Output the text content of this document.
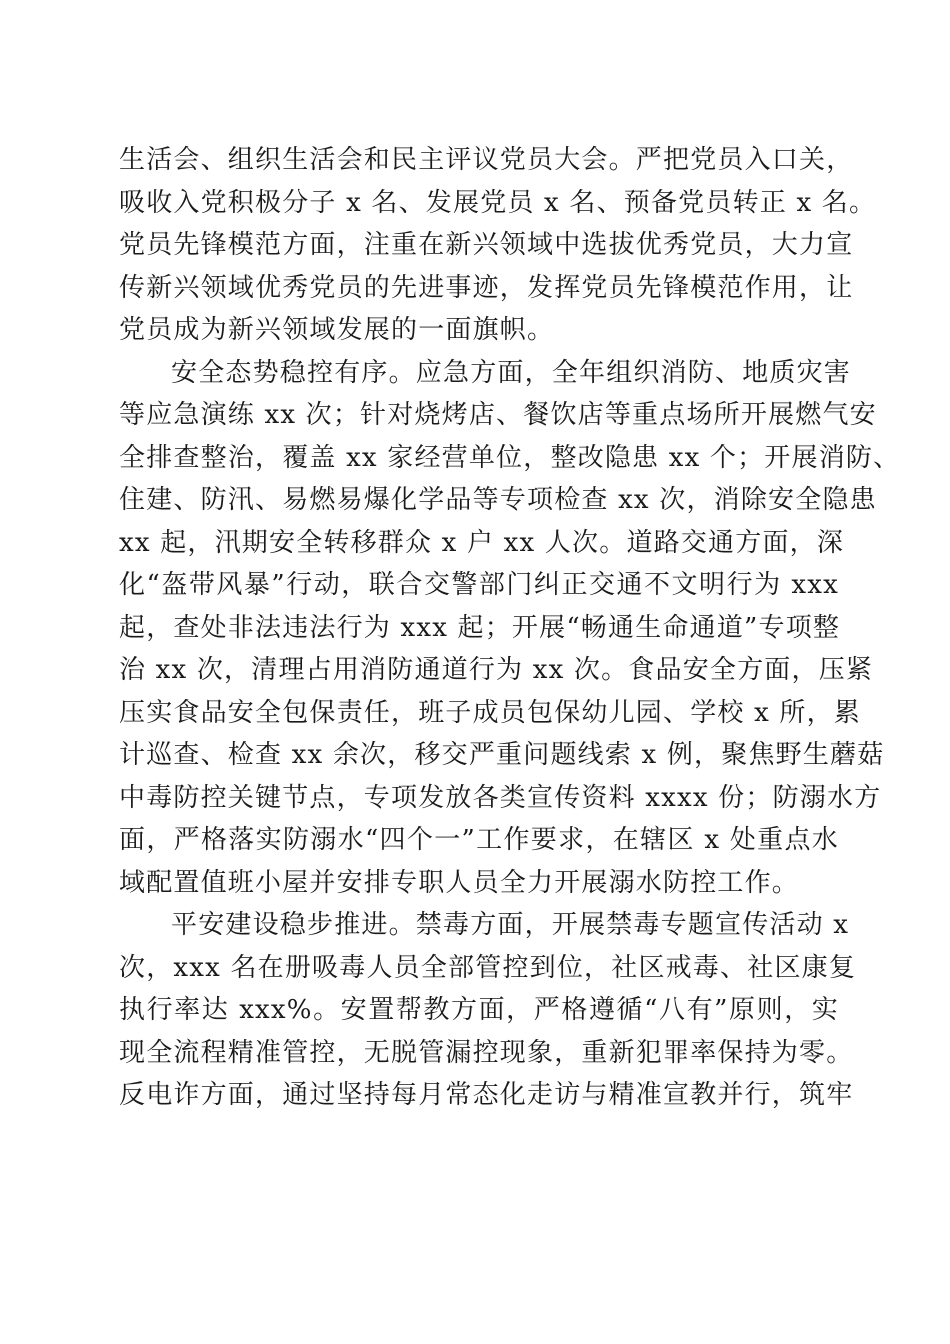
生活会、组织生活会和民主评议党员大会。严把党员入口关，
吸收入党积极分子 x 名、发展党员 x 名、预备党员转正 x 名。
党员先锋模范方面，注重在新兴领域中选拔优秀党员，大力宣
传新兴领域优秀党员的先进事迹，发挥党员先锋模范作用，让
党员成为新兴领域发展的一面旗帜。
安全态势稳控有序。应急方面，全年组织消防、地质灾害
等应急演练 xx 次；针对烧烤店、餐饮店等重点场所开展燃气安
全排查整治，覆盖 xx 家经营单位，整改隐患 xx 个；开展消防、
住建、防汛、易燃易爆化学品等专项检查 xx 次，消除安全隐患
xx 起，汛期安全转移群众 x 户 xx 人次。道路交通方面，深
化“盔带风暴”行动，联合交警部门纠正交通不文明行为 xxx
起，查处非法违法行为 xxx 起；开展“畅通生命通道”专项整
治 xx 次，清理占用消防通道行为 xx 次。食品安全方面，压紧
压实食品安全包保责任，班子成员包保幼儿园、学校 x 所，累
计巡查、检查 xx 余次，移交严重问题线索 x 例，聚焦野生蘑菇
中毒防控关键节点，专项发放各类宣传资料 xxxx 份；防溺水方
面，严格落实防溺水“四个一”工作要求，在辖区 x 处重点水
域配置值班小屋并安排专职人员全力开展溺水防控工作。
平安建设稳步推进。禁毒方面，开展禁毒专题宣传活动 x
次，xxx 名在册吸毒人员全部管控到位，社区戒毒、社区康复
执行率达 xxx%。安置帮教方面，严格遵循“八有”原则，实
现全流程精准管控，无脱管漏控现象，重新犯罪率保持为零。
反电诈方面，通过坚持每月常态化走访与精准宣教并行，筑牢
